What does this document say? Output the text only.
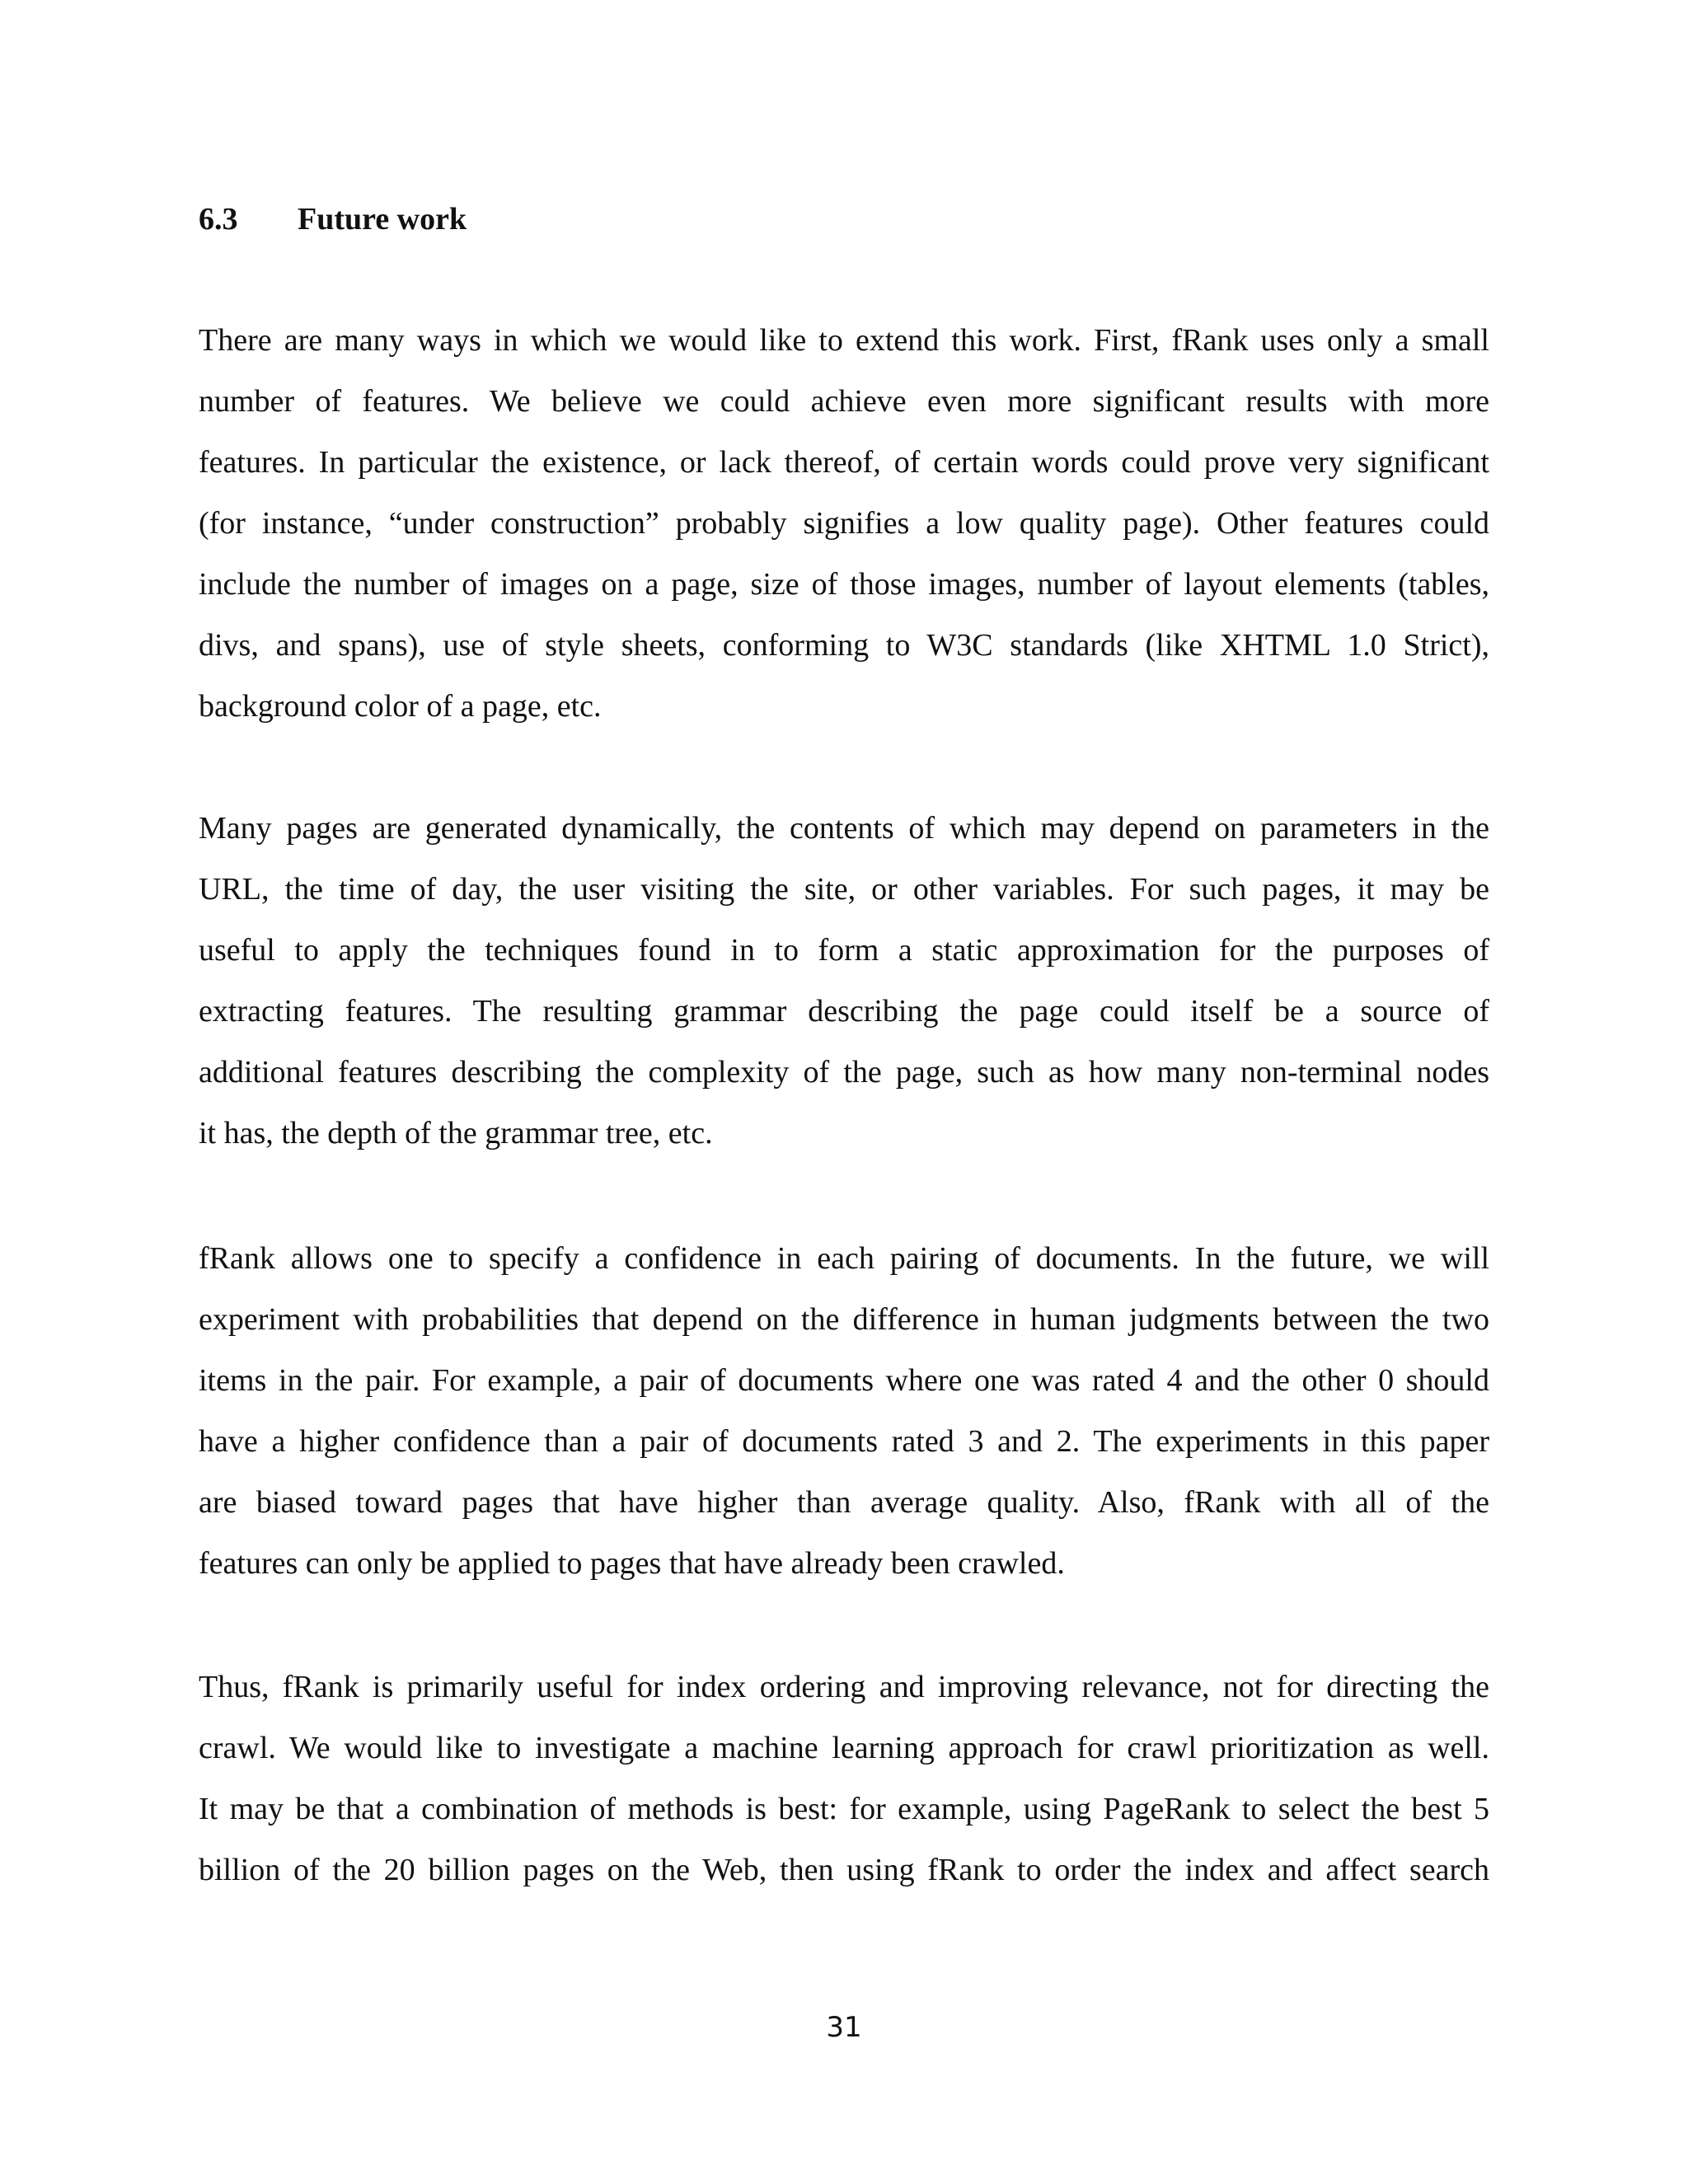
6.3 Future work
There are many ways in which we would like to extend this work. First, fRank uses only a small
number of features. We believe we could achieve even more significant results with more
features. In particular the existence, or lack thereof, of certain words could prove very significant
(for instance, “under construction” probably signifies a low quality page). Other features could
include the number of images on a page, size of those images, number of layout elements (tables,
divs, and spans), use of style sheets, conforming to W3C standards (like XHTML 1.0 Strict),
background color of a page, etc.
Many pages are generated dynamically, the contents of which may depend on parameters in the
URL, the time of day, the user visiting the site, or other variables. For such pages, it may be
useful to apply the techniques found in to form a static approximation for the purposes of
extracting features. The resulting grammar describing the page could itself be a source of
additional features describing the complexity of the page, such as how many non-terminal nodes
it has, the depth of the grammar tree, etc.
fRank allows one to specify a confidence in each pairing of documents. In the future, we will
experiment with probabilities that depend on the difference in human judgments between the two
items in the pair. For example, a pair of documents where one was rated 4 and the other 0 should
have a higher confidence than a pair of documents rated 3 and 2. The experiments in this paper
are biased toward pages that have higher than average quality. Also, fRank with all of the
features can only be applied to pages that have already been crawled.
Thus, fRank is primarily useful for index ordering and improving relevance, not for directing the
crawl. We would like to investigate a machine learning approach for crawl prioritization as well.
It may be that a combination of methods is best: for example, using PageRank to select the best 5
billion of the 20 billion pages on the Web, then using fRank to order the index and affect search
31
